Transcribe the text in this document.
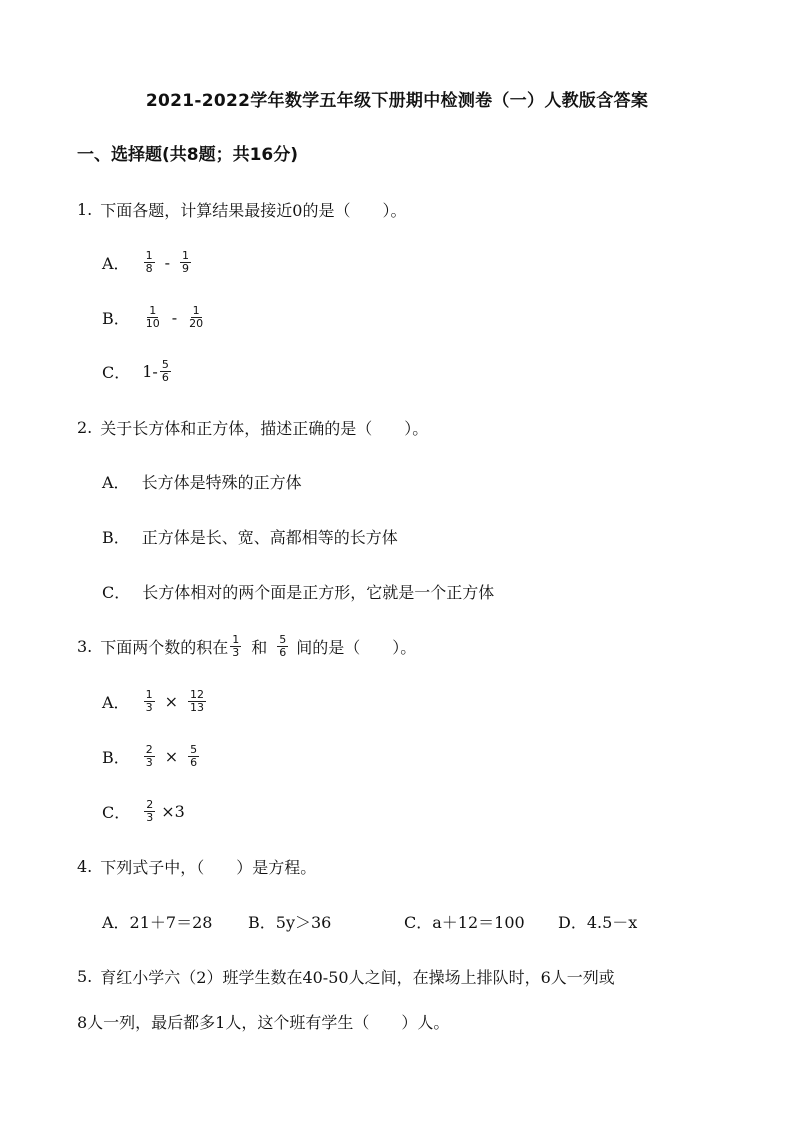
2021-2022学年数学五年级下册期中检测卷（一）人教版含答案
一、选择题(共8题；共16分)
1. 下面各题，计算结果最接近0的是（　　）。
A． $\frac{1}{8} - \frac{1}{9}$
B． $\frac{1}{10} - \frac{1}{20}$
C． $1- \frac{5}{6}$
2. 关于长方体和正方体，描述正确的是（　　）。
A． 长方体是特殊的正方体
B． 正方体是长、宽、高都相等的长方体
C． 长方体相对的两个面是正方形，它就是一个正方体
3. 下面两个数的积在 $\frac{1}{3}$ 和 $\frac{5}{6}$ 间的是（　　）。
A． $\frac{1}{3} \times \frac{12}{13}$
B． $\frac{2}{3} \times \frac{5}{6}$
C． $\frac{2}{3} \times 3$
4. 下列式子中，（　　）是方程。
A．21＋7＝28	B．5y＞36	C．a＋12＝100	D．4.5－x
5. 育红小学六（2）班学生数在40-50人之间，在操场上排队时，6人一列或
8人一列，最后都多1人，这个班有学生（　　）人。
